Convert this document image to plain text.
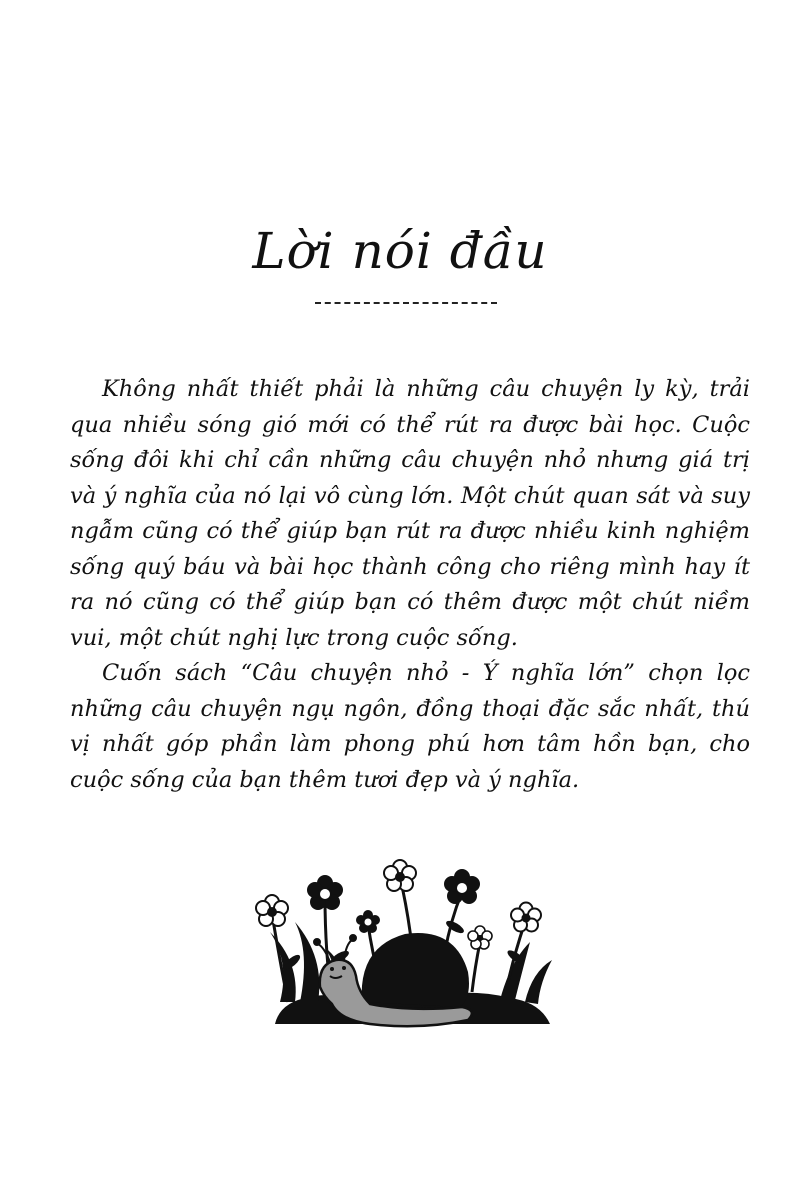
Lời nói đầu

Không nhất thiết phải là những câu chuyện ly kỳ, trải qua nhiều sóng gió mới có thể rút ra được bài học. Cuộc sống đôi khi chỉ cần những câu chuyện nhỏ nhưng giá trị và ý nghĩa của nó lại vô cùng lớn. Một chút quan sát và suy ngẫm cũng có thể giúp bạn rút ra được nhiều kinh nghiệm sống quý báu và bài học thành công cho riêng mình hay ít ra nó cũng có thể giúp bạn có thêm được một chút niềm vui, một chút nghị lực trong cuộc sống.

Cuốn sách “Câu chuyện nhỏ - Ý nghĩa lớn” chọn lọc những câu chuyện ngụ ngôn, đồng thoại đặc sắc nhất, thú vị nhất góp phần làm phong phú hơn tâm hồn bạn, cho cuộc sống của bạn thêm tươi đẹp và ý nghĩa.
